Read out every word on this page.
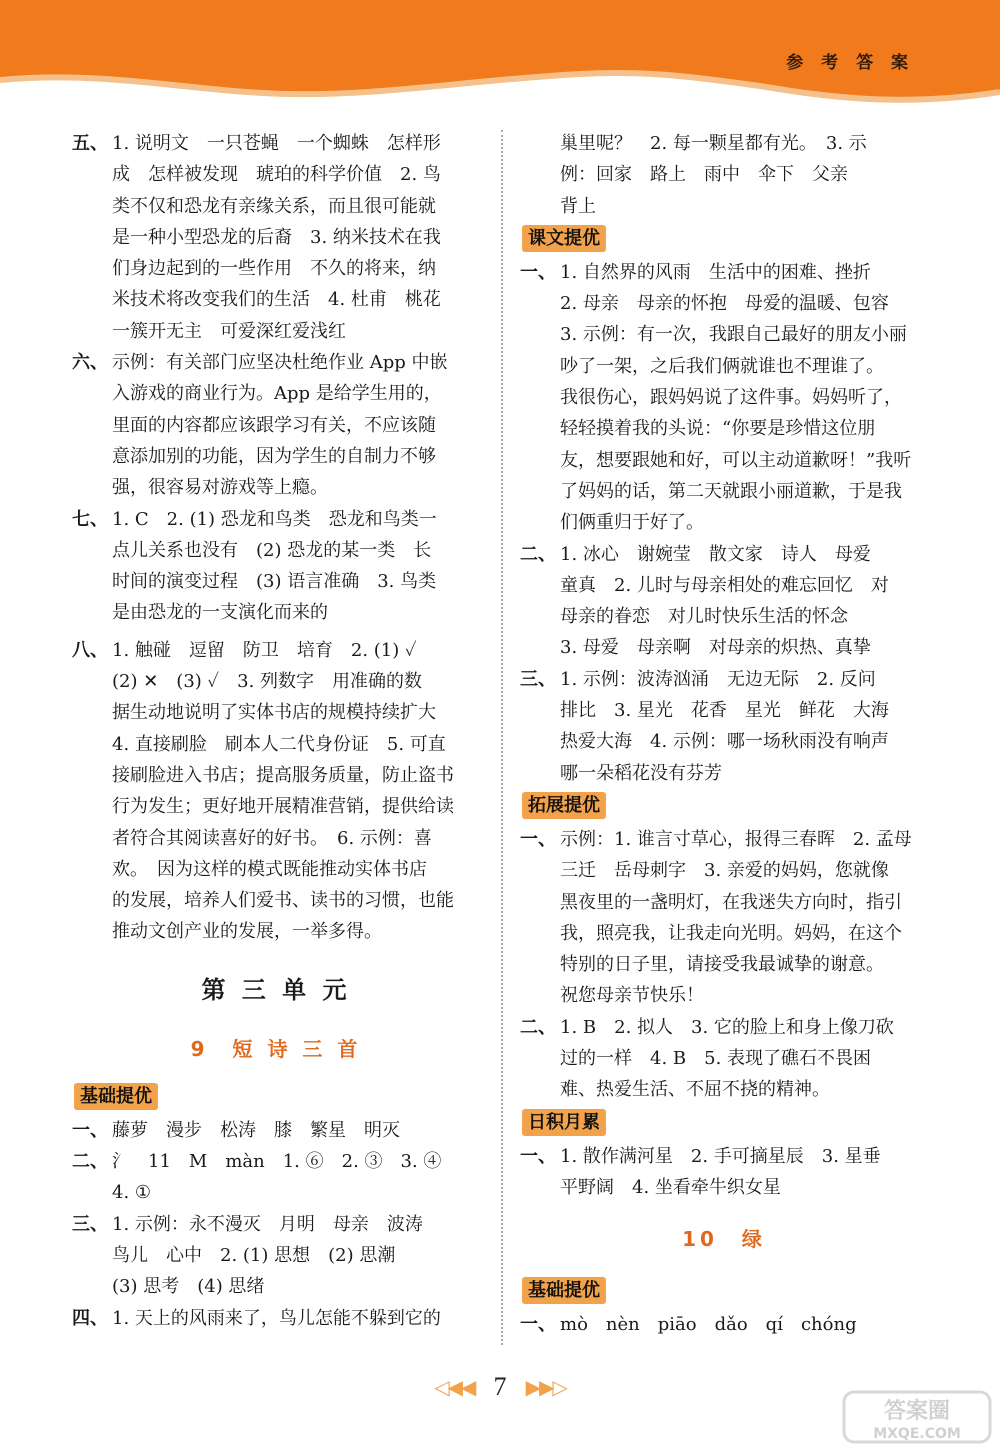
参 考 答 案
五、 1. 说明文　一只苍蝇　一个蜘蛛　怎样形
成　怎样被发现　琥珀的科学价值　2. 鸟
类不仅和恐龙有亲缘关系，而且很可能就
是一种小型恐龙的后裔　3. 纳米技术在我
们身边起到的一些作用　不久的将来，纳
米技术将改变我们的生活　4. 杜甫　桃花
一簇开无主　可爱深红爱浅红
六、 示例：有关部门应坚决杜绝作业 App 中嵌
入游戏的商业行为。App 是给学生用的，
里面的内容都应该跟学习有关，不应该随
意添加别的功能，因为学生的自制力不够
强，很容易对游戏等上瘾。
七、 1. C　2. (1) 恐龙和鸟类　恐龙和鸟类一
点儿关系也没有　(2) 恐龙的某一类　长
时间的演变过程　(3) 语言准确　3. 鸟类
是由恐龙的一支演化而来的
八、 1. 触碰　逗留　防卫　培育　2. (1) ✓
(2) ✕　(3) ✓　3. 列数字　用准确的数
据生动地说明了实体书店的规模持续扩大
4. 直接刷脸　刷本人二代身份证　5. 可直
接刷脸进入书店；提高服务质量，防止盗书
行为发生；更好地开展精准营销，提供给读
者符合其阅读喜好的好书。　6. 示例：喜
欢。　因为这样的模式既能推动实体书店
的发展，培养人们爱书、读书的习惯，也能
推动文创产业的发展，一举多得。
第 三 单 元
9　短 诗 三 首
基础提优
一、 藤萝　漫步　松涛　膝　繁星　明灭
二、 氵　11　M　màn　1. ⑥　2. ③　3. ④
4. ①
三、 1. 示例：永不漫灭　月明　母亲　波涛
鸟儿　心中　2. (1) 思想　(2) 思潮
(3) 思考　(4) 思绪
四、 1. 天上的风雨来了，鸟儿怎能不躲到它的
巢里呢？　2. 每一颗星都有光。　3. 示
例：回家　路上　雨中　伞下　父亲
背上
课文提优
一、 1. 自然界的风雨　生活中的困难、挫折
2. 母亲　母亲的怀抱　母爱的温暖、包容
3. 示例：有一次，我跟自己最好的朋友小丽
吵了一架，之后我们俩就谁也不理谁了。
我很伤心，跟妈妈说了这件事。妈妈听了，
轻轻摸着我的头说：“你要是珍惜这位朋
友，想要跟她和好，可以主动道歉呀！”我听
了妈妈的话，第二天就跟小丽道歉，于是我
们俩重归于好了。
二、 1. 冰心　谢婉莹　散文家　诗人　母爱
童真　2. 儿时与母亲相处的难忘回忆　对
母亲的眷恋　对儿时快乐生活的怀念
3. 母爱　母亲啊　对母亲的炽热、真挚
三、 1. 示例：波涛汹涌　无边无际　2. 反问
排比　3. 星光　花香　星光　鲜花　大海
热爱大海　4. 示例：哪一场秋雨没有响声
哪一朵稻花没有芬芳
拓展提优
一、 示例：1. 谁言寸草心，报得三春晖　2. 孟母
三迁　岳母刺字　3. 亲爱的妈妈，您就像
黑夜里的一盏明灯，在我迷失方向时，指引
我，照亮我，让我走向光明。妈妈，在这个
特别的日子里，请接受我最诚挚的谢意。
祝您母亲节快乐！
二、 1. B　2. 拟人　3. 它的脸上和身上像刀砍
过的一样　4. B　5. 表现了礁石不畏困
难、热爱生活、不屈不挠的精神。
日积月累
一、 1. 散作满河星　2. 手可摘星辰　3. 星垂
平野阔　4. 坐看牵牛织女星
10　绿
基础提优
一、 mò　nèn　piāo　dǎo　qí　chóng
◁◀◀ 7 ▶▶▷
答案圈
MXQE.COM
